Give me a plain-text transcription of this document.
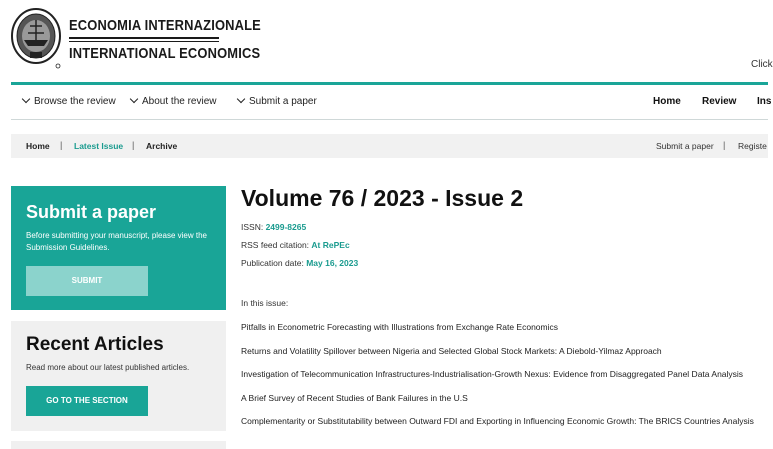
ECONOMIA INTERNAZIONALE
INTERNATIONAL ECONOMICS
Click
Browse the review	About the review	Submit a paper	Home Review Ins
Home | Latest Issue | Archive	Submit a paper | Registe
Submit a paper
Before submitting your manuscript, please view the Submission Guidelines.
SUBMIT
Recent Articles
Read more about our latest published articles.
GO TO THE SECTION
Volume 76 / 2023 - Issue 2
ISSN: 2499-8265
RSS feed citation: At RePEc
Publication date: May 16, 2023
In this issue:
Pitfalls in Econometric Forecasting with Illustrations from Exchange Rate Economics
Returns and Volatility Spillover between Nigeria and Selected Global Stock Markets: A Diebold-Yilmaz Approach
Investigation of Telecommunication Infrastructures-Industrialisation-Growth Nexus: Evidence from Disaggregated Panel Data Analysis
A Brief Survey of Recent Studies of Bank Failures in the U.S
Complementarity or Substitutability between Outward FDI and Exporting in Influencing Economic Growth: The BRICS Countries Analysis
